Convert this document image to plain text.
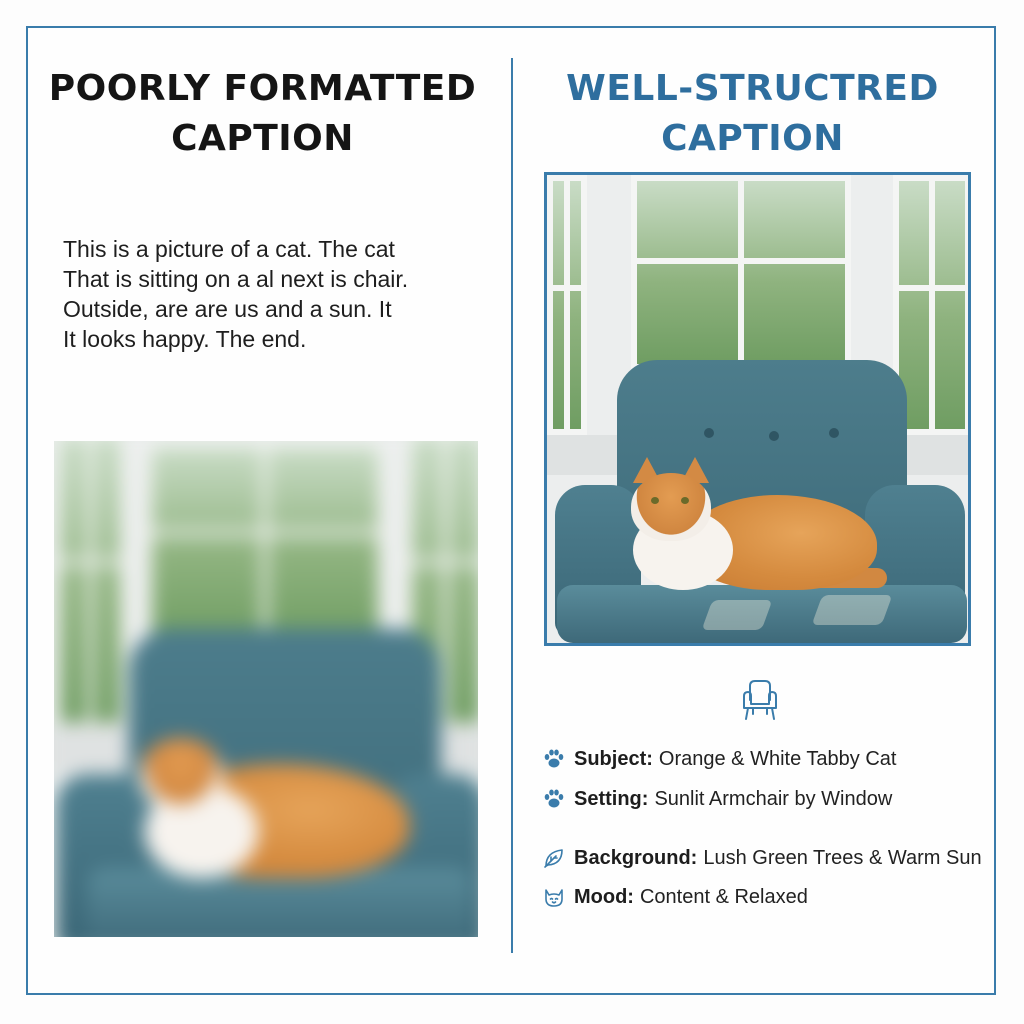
POORLY FORMATTED
CAPTION
This is a picture of a cat. The cat
That is sitting on a al next is chair.
Outside, are are us and a sun. It
It looks happy. The end.
WELL-STRUCTRED
CAPTION
Subject: Orange & White Tabby Cat
Setting: Sunlit Armchair by Window
Background: Lush Green Trees & Warm Sun
Mood: Content & Relaxed
